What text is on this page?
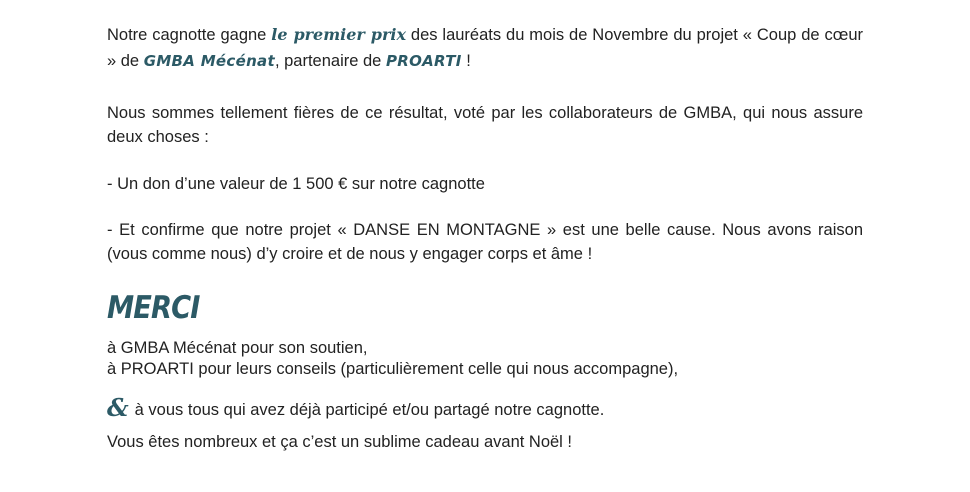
Notre cagnotte gagne le premier prix des lauréats du mois de Novembre du projet « Coup de cœur » de GMBA Mécénat, partenaire de PROARTI !

Nous sommes tellement fières de ce résultat, voté par les collaborateurs de GMBA, qui nous assure deux choses :

- Un don d’une valeur de 1 500 € sur notre cagnotte

- Et confirme que notre projet « DANSE EN MONTAGNE » est une belle cause. Nous avons raison (vous comme nous) d’y croire et de nous y engager corps et âme !

MERCI

à GMBA Mécénat pour son soutien,

à PROARTI pour leurs conseils (particulièrement celle qui nous accompagne),

& à vous tous qui avez déjà participé et/ou partagé notre cagnotte.

Vous êtes nombreux et ça c’est un sublime cadeau avant Noël !
